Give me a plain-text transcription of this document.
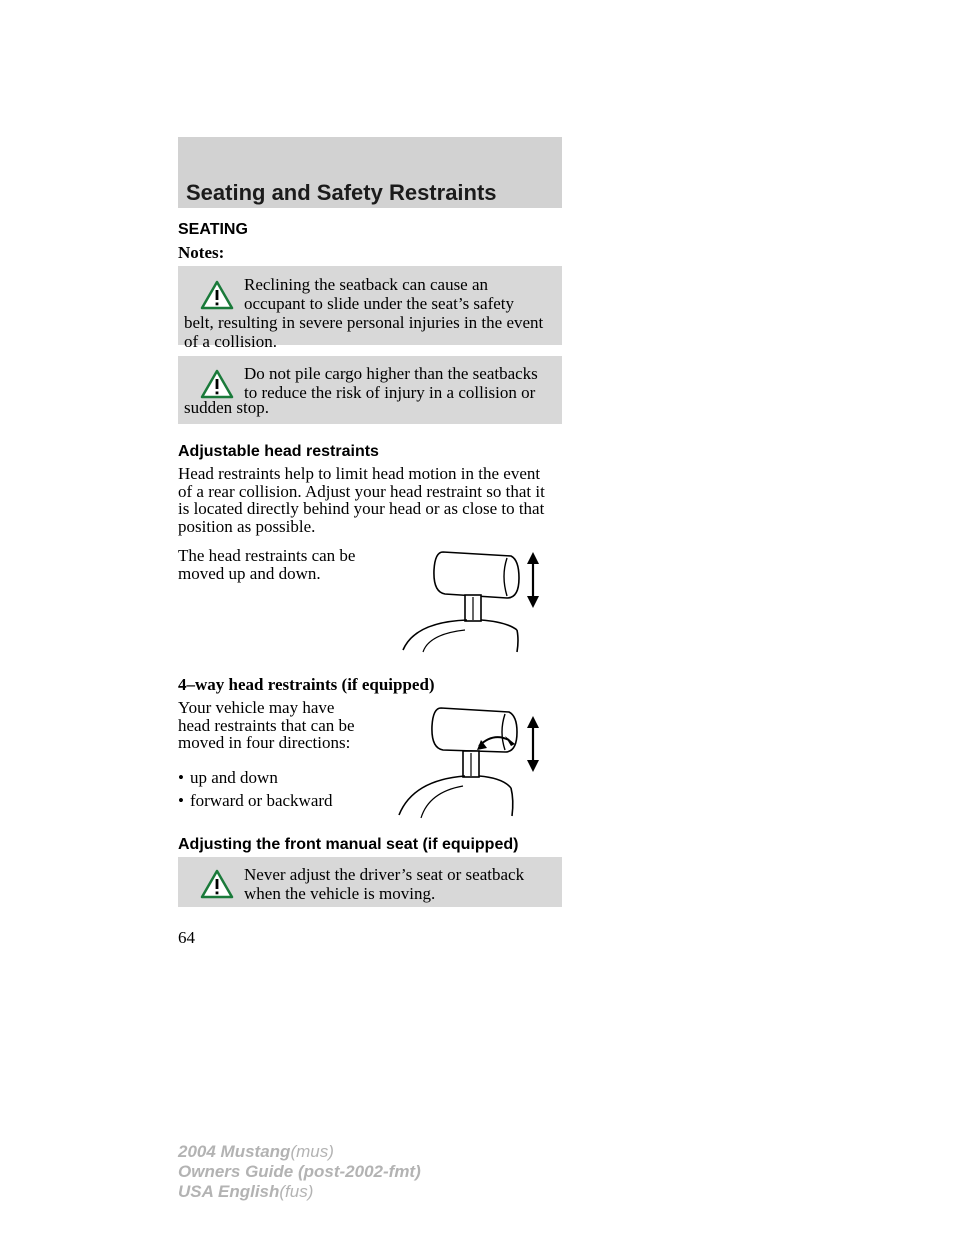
Seating and Safety Restraints
SEATING
Notes:
Reclining the seatback can cause an occupant to slide under the seat’s safety
belt, resulting in severe personal injuries in the event of a collision.
Do not pile cargo higher than the seatbacks to reduce the risk of injury in a collision or
sudden stop.
Adjustable head restraints

Head restraints help to limit head motion in the event of a rear collision. Adjust your head restraint so that it is located directly behind your head or as close to that position as possible.

The head restraints can be moved up and down.

4–way head restraints (if equipped)

Your vehicle may have head restraints that can be moved in four directions:

• up and down
• forward or backward
Adjusting the front manual seat (if equipped)
Never adjust the driver’s seat or seatback when the vehicle is moving.
64
2004 Mustang(mus)
Owners Guide (post-2002-fmt)
USA English(fus)
